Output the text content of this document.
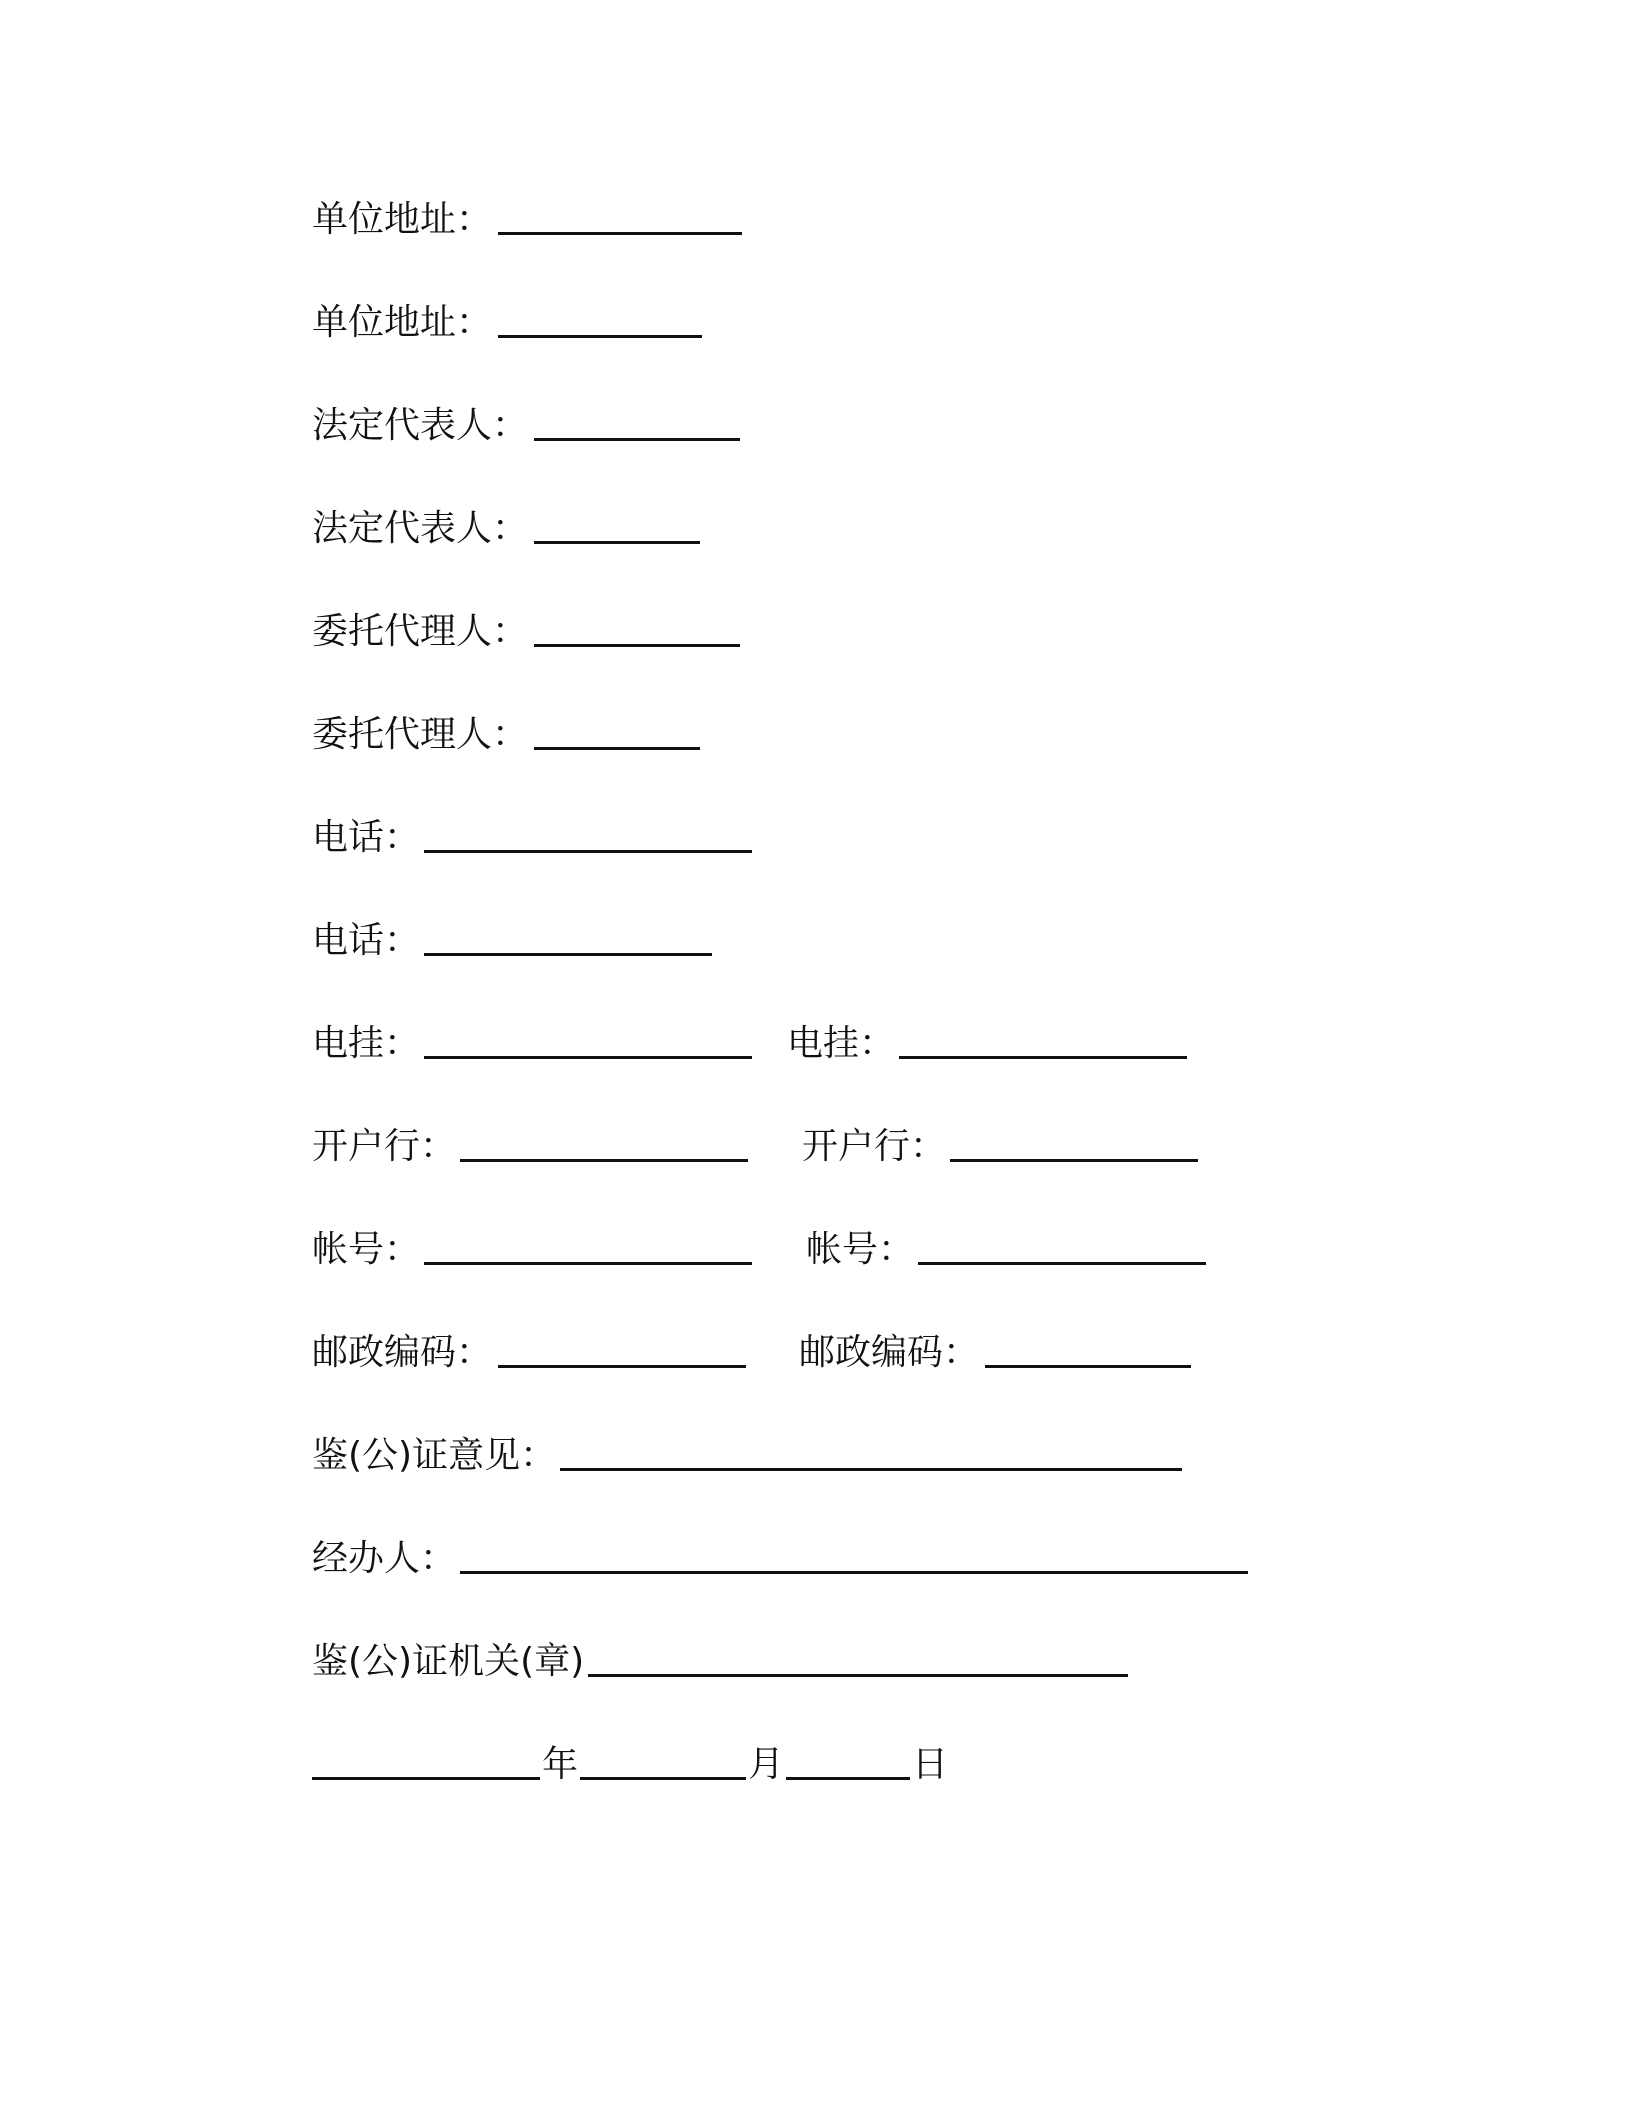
单位地址：
单位地址：
法定代表人：
法定代表人：
委托代理人：
委托代理人：
电话：
电话：
电挂：	电挂：
开户行：	开户行：
帐号：	帐号：
邮政编码：	邮政编码：
鉴(公)证意见：
经办人：
鉴(公)证机关(章)
年	月	日
